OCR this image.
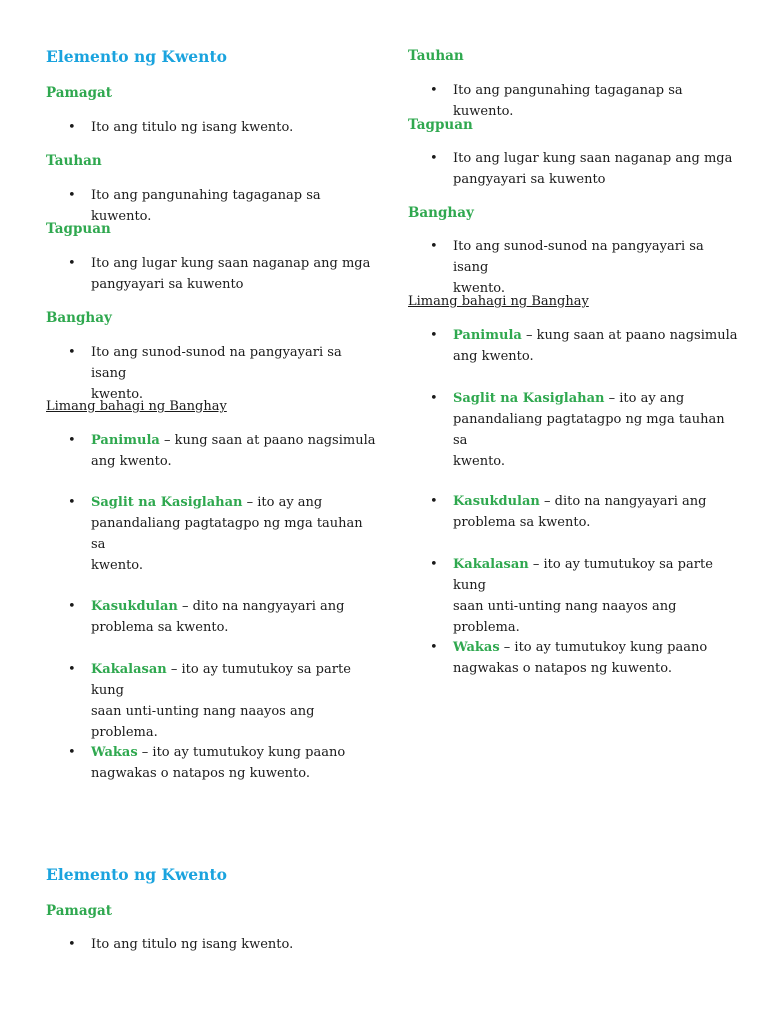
Elemento ng Kwento
Pamagat
• Ito ang titulo ng isang kwento.
Tauhan
• Ito ang pangunahing tagaganap sa kuwento.
Tagpuan
• Ito ang lugar kung saan naganap ang mga
pangyayari sa kuwento
Banghay
• Ito ang sunod-sunod na pangyayari sa isang
kwento.
Limang bahagi ng Banghay
• Panimula – kung saan at paano nagsimula
ang kwento.
• Saglit na Kasiglahan – ito ay ang
panandaliang pagtatagpo ng mga tauhan sa
kwento.
• Kasukdulan – dito na nangyayari ang
problema sa kwento.
• Kakalasan – ito ay tumutukoy sa parte kung
saan unti-unting nang naayos ang problema.
• Wakas – ito ay tumutukoy kung paano
nagwakas o natapos ng kuwento.
Elemento ng Kwento
Pamagat
• Ito ang titulo ng isang kwento.
Tauhan
• Ito ang pangunahing tagaganap sa kuwento.
Tagpuan
• Ito ang lugar kung saan naganap ang mga
pangyayari sa kuwento
Banghay
• Ito ang sunod-sunod na pangyayari sa isang
kwento.
Limang bahagi ng Banghay
• Panimula – kung saan at paano nagsimula
ang kwento.
• Saglit na Kasiglahan – ito ay ang
panandaliang pagtatagpo ng mga tauhan sa
kwento.
• Kasukdulan – dito na nangyayari ang
problema sa kwento.
• Kakalasan – ito ay tumutukoy sa parte kung
saan unti-unting nang naayos ang problema.
• Wakas – ito ay tumutukoy kung paano
nagwakas o natapos ng kuwento.
